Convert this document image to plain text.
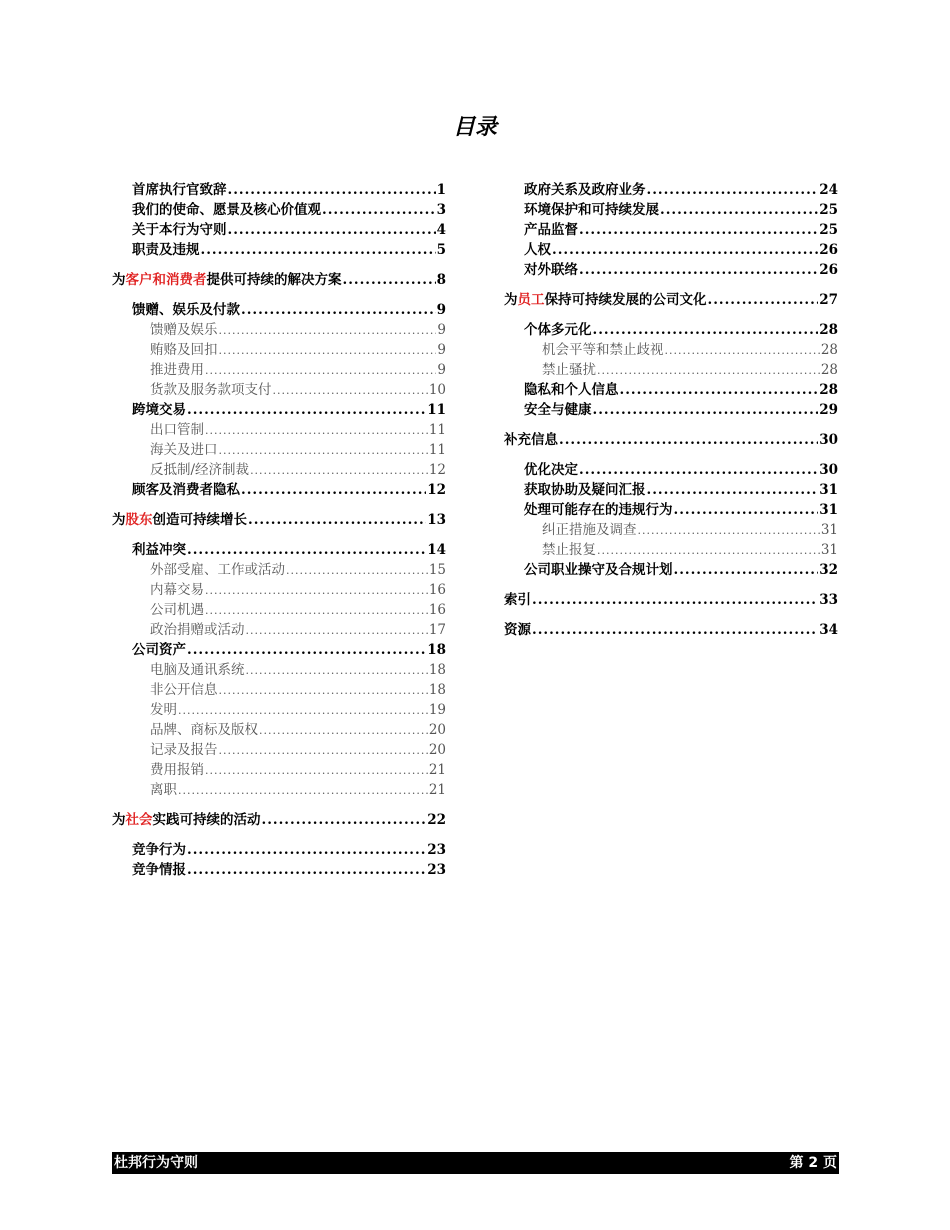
目录
首席执行官致辞 .....	1
我们的使命、愿景及核心价值观 .....	3
关于本行为守则 .....	4
职责及违规 .....	5
为客户和消费者提供可持续的解决方案 .....	8
馈赠、娱乐及付款 .....	9
馈赠及娱乐 .....	9
贿赂及回扣 .....	9
推进费用 .....	9
货款及服务款项支付 .....	10
跨境交易 .....	11
出口管制 .....	11
海关及进口 .....	11
反抵制/经济制裁 .....	12
顾客及消费者隐私 .....	12
为股东创造可持续增长 .....	13
利益冲突 .....	14
外部受雇、工作或活动 .....	15
内幕交易 .....	16
公司机遇 .....	16
政治捐赠或活动 .....	17
公司资产 .....	18
电脑及通讯系统 .....	18
非公开信息 .....	18
发明 .....	19
品牌、商标及版权 .....	20
记录及报告 .....	20
费用报销 .....	21
离职 .....	21
为社会实践可持续的活动 .....	22
竞争行为 .....	23
竞争情报 .....	23
政府关系及政府业务 .....	24
环境保护和可持续发展 .....	25
产品监督 .....	25
人权 .....	26
对外联络 .....	26
为员工保持可持续发展的公司文化 .....	27
个体多元化 .....	28
机会平等和禁止歧视 .....	28
禁止骚扰 .....	28
隐私和个人信息 .....	28
安全与健康 .....	29
补充信息 .....	30
优化决定 .....	30
获取协助及疑问汇报 .....	31
处理可能存在的违规行为 .....	31
纠正措施及调查 .....	31
禁止报复 .....	31
公司职业操守及合规计划 .....	32
索引 .....	33
资源 .....	34
杜邦行为守则	第 2 页
